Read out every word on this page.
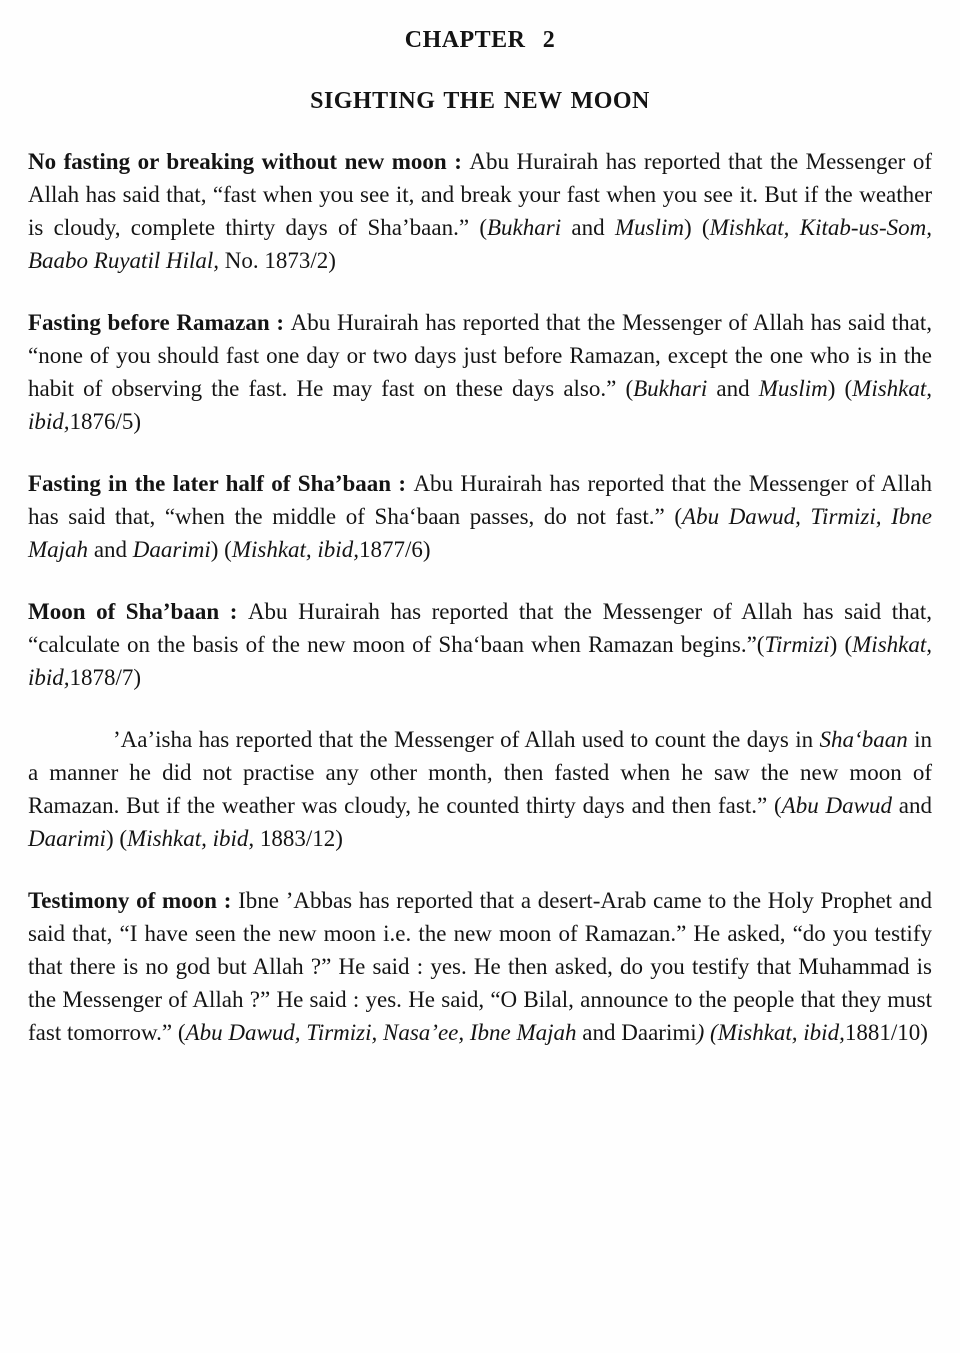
CHAPTER 2
SIGHTING THE NEW MOON

No fasting or breaking without new moon : Abu Hurairah has reported that the Messenger of Allah has said that, “fast when you see it, and break your fast when you see it. But if the weather is cloudy, complete thirty days of Sha’baan.” (Bukhari and Muslim) (Mishkat, Kitab-us-Som, Baabo Ruyatil Hilal, No. 1873/2)

Fasting before Ramazan : Abu Hurairah has reported that the Messenger of Allah has said that, “none of you should fast one day or two days just before Ramazan, except the one who is in the habit of observing the fast. He may fast on these days also.” (Bukhari and Muslim) (Mishkat, ibid,1876/5)

Fasting in the later half of Sha’baan : Abu Hurairah has reported that the Messenger of Allah has said that, “when the middle of Sha‘baan passes, do not fast.” (Abu Dawud, Tirmizi, Ibne Majah and Daarimi) (Mishkat, ibid,1877/6)

Moon of Sha’baan : Abu Hurairah has reported that the Messenger of Allah has said that, “calculate on the basis of the new moon of Sha‘baan when Ramazan begins.”(Tirmizi) (Mishkat, ibid,1878/7)

’Aa’isha has reported that the Messenger of Allah used to count the days in Sha‘baan in a manner he did not practise any other month, then fasted when he saw the new moon of Ramazan. But if the weather was cloudy, he counted thirty days and then fast.” (Abu Dawud and Daarimi) (Mishkat, ibid, 1883/12)

Testimony of moon : Ibne ’Abbas has reported that a desert-Arab came to the Holy Prophet and said that, “I have seen the new moon i.e. the new moon of Ramazan.” He asked, “do you testify that there is no god but Allah ?” He said : yes. He then asked, do you testify that Muhammad is the Messenger of Allah ?” He said : yes. He said, “O Bilal, announce to the people that they must fast tomorrow.” (Abu Dawud, Tirmizi, Nasa’ee, Ibne Majah and Daarimi) (Mishkat, ibid,1881/10)
